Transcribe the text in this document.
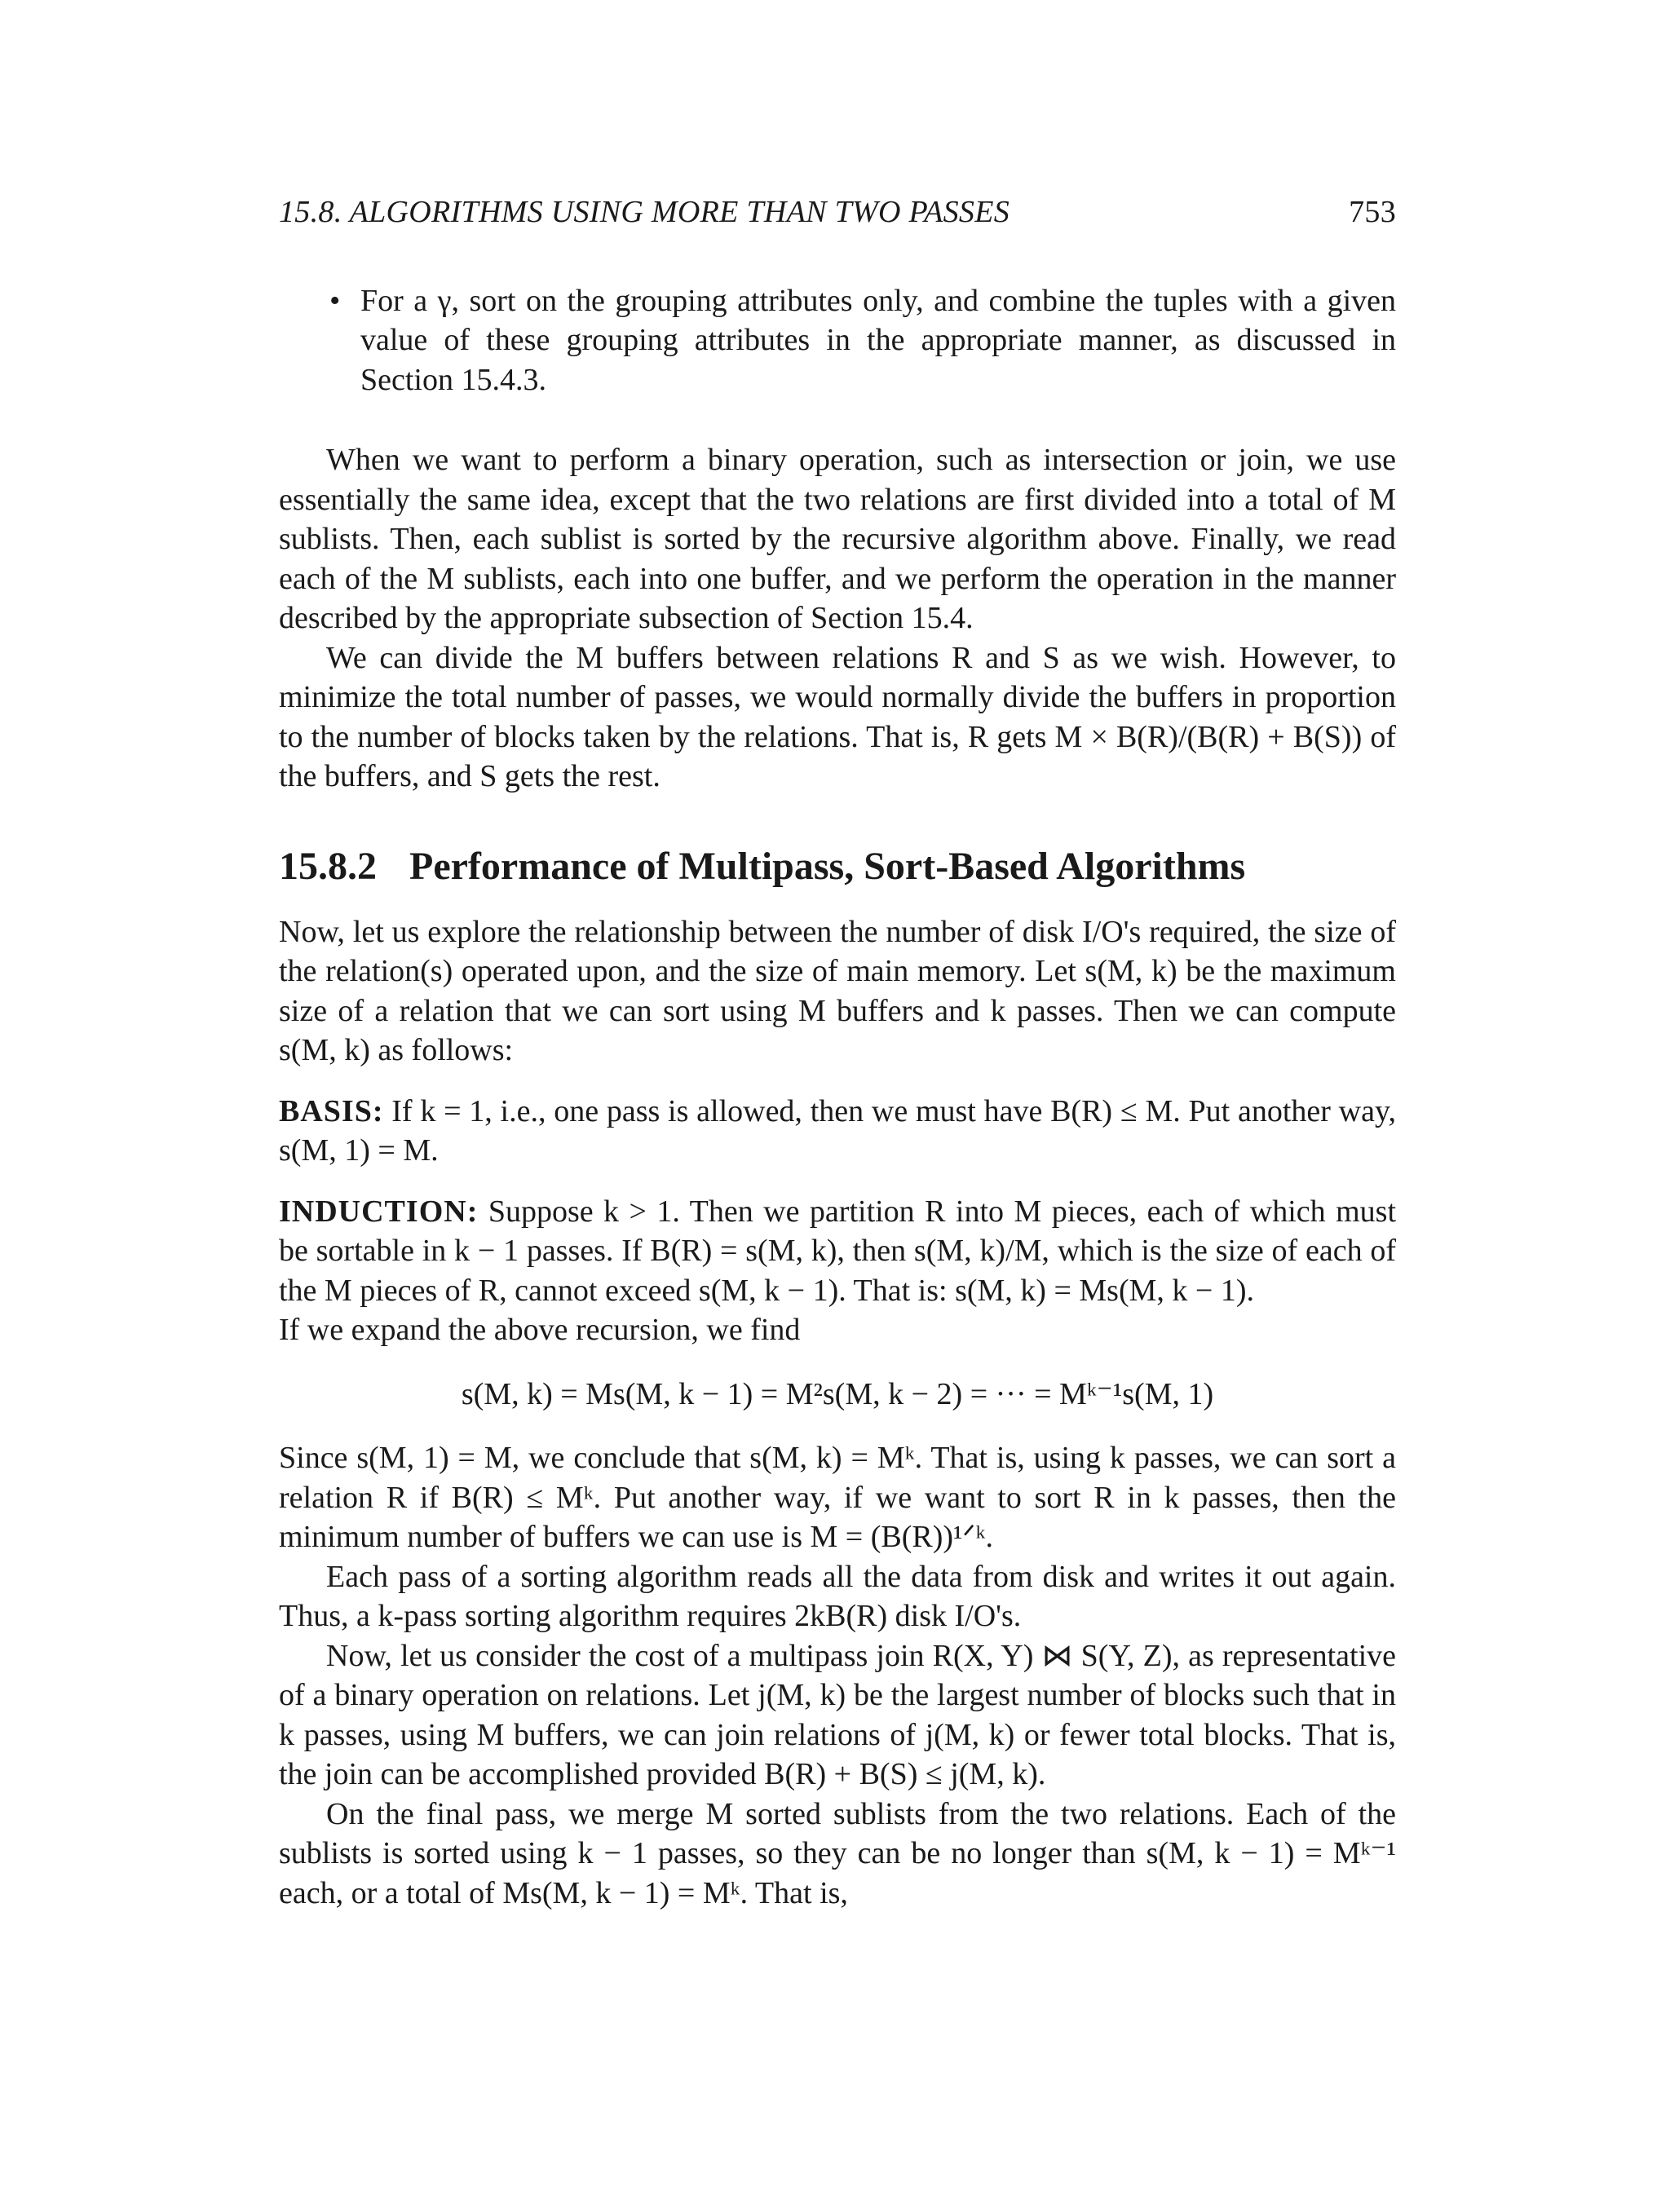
15.8. ALGORITHMS USING MORE THAN TWO PASSES	753
• For a γ, sort on the grouping attributes only, and combine the tuples with a given value of these grouping attributes in the appropriate manner, as discussed in Section 15.4.3.

When we want to perform a binary operation, such as intersection or join, we use essentially the same idea, except that the two relations are first divided into a total of M sublists. Then, each sublist is sorted by the recursive algorithm above. Finally, we read each of the M sublists, each into one buffer, and we perform the operation in the manner described by the appropriate subsection of Section 15.4.

We can divide the M buffers between relations R and S as we wish. However, to minimize the total number of passes, we would normally divide the buffers in proportion to the number of blocks taken by the relations. That is, R gets M × B(R)/(B(R) + B(S)) of the buffers, and S gets the rest.

15.8.2 Performance of Multipass, Sort-Based Algorithms

Now, let us explore the relationship between the number of disk I/O's required, the size of the relation(s) operated upon, and the size of main memory. Let s(M, k) be the maximum size of a relation that we can sort using M buffers and k passes. Then we can compute s(M, k) as follows:

BASIS: If k = 1, i.e., one pass is allowed, then we must have B(R) ≤ M. Put another way, s(M, 1) = M.

INDUCTION: Suppose k > 1. Then we partition R into M pieces, each of which must be sortable in k − 1 passes. If B(R) = s(M, k), then s(M, k)/M, which is the size of each of the M pieces of R, cannot exceed s(M, k − 1). That is: s(M, k) = Ms(M, k − 1).

If we expand the above recursion, we find

s(M, k) = Ms(M, k − 1) = M²s(M, k − 2) = ··· = Mᵏ⁻¹s(M, 1)

Since s(M, 1) = M, we conclude that s(M, k) = Mᵏ. That is, using k passes, we can sort a relation R if B(R) ≤ Mᵏ. Put another way, if we want to sort R in k passes, then the minimum number of buffers we can use is M = (B(R))¹ᐟᵏ.

Each pass of a sorting algorithm reads all the data from disk and writes it out again. Thus, a k-pass sorting algorithm requires 2kB(R) disk I/O's.

Now, let us consider the cost of a multipass join R(X, Y) ⋈ S(Y, Z), as representative of a binary operation on relations. Let j(M, k) be the largest number of blocks such that in k passes, using M buffers, we can join relations of j(M, k) or fewer total blocks. That is, the join can be accomplished provided B(R) + B(S) ≤ j(M, k).

On the final pass, we merge M sorted sublists from the two relations. Each of the sublists is sorted using k − 1 passes, so they can be no longer than s(M, k − 1) = Mᵏ⁻¹ each, or a total of Ms(M, k − 1) = Mᵏ. That is,
